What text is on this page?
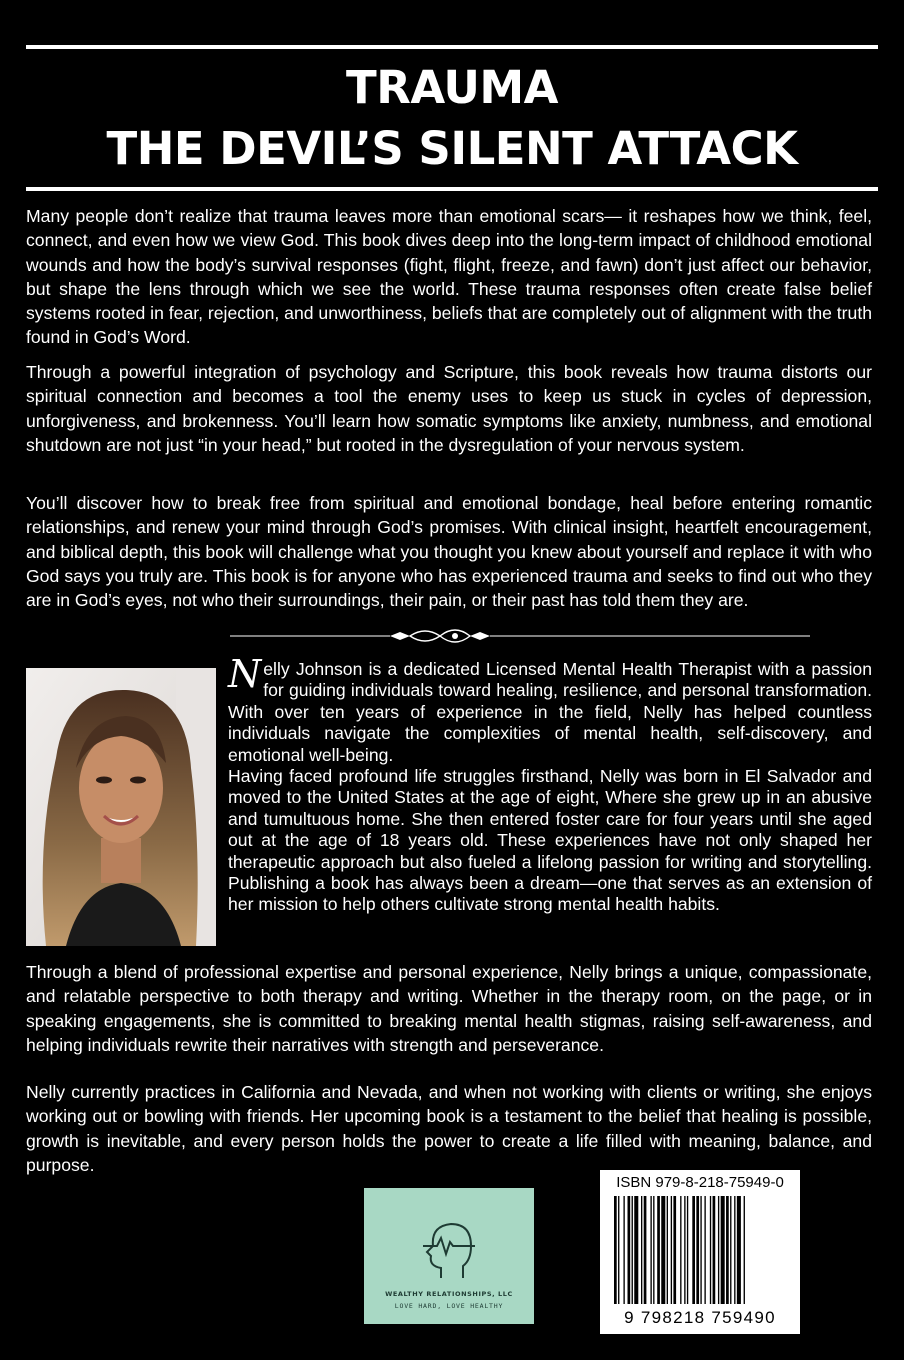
TRAUMA
THE DEVIL’S SILENT ATTACK

Many people don’t realize that trauma leaves more than emotional scars— it reshapes how we think, feel, connect, and even how we view God. This book dives deep into the long-term impact of childhood emotional wounds and how the body’s survival responses (fight, flight, freeze, and fawn) don’t just affect our behavior, but shape the lens through which we see the world. These trauma responses often create false belief systems rooted in fear, rejection, and unworthiness, beliefs that are completely out of alignment with the truth found in God’s Word.

Through a powerful integration of psychology and Scripture, this book reveals how trauma distorts our spiritual connection and becomes a tool the enemy uses to keep us stuck in cycles of depression, unforgiveness, and brokenness. You’ll learn how somatic symptoms like anxiety, numbness, and emotional shutdown are not just “in your head,” but rooted in the dysregulation of your nervous system.

You’ll discover how to break free from spiritual and emotional bondage, heal before entering romantic relationships, and renew your mind through God’s promises. With clinical insight, heartfelt encouragement, and biblical depth, this book will challenge what you thought you knew about yourself and replace it with who God says you truly are. This book is for anyone who has experienced trauma and seeks to find out who they are in God’s eyes, not who their surroundings, their pain, or their past has told them they are.

Nelly Johnson is a dedicated Licensed Mental Health Therapist with a passion for guiding individuals toward healing, resilience, and personal transformation. With over ten years of experience in the field, Nelly has helped countless individuals navigate the complexities of mental health, self-discovery, and emotional well-being.

Having faced profound life struggles firsthand, Nelly was born in El Salvador and moved to the United States at the age of eight, Where she grew up in an abusive and tumultuous home. She then entered foster care for four years until she aged out at the age of 18 years old. These experiences have not only shaped her therapeutic approach but also fueled a lifelong passion for writing and storytelling. Publishing a book has always been a dream—one that serves as an extension of her mission to help others cultivate strong mental health habits.

Through a blend of professional expertise and personal experience, Nelly brings a unique, compassionate, and relatable perspective to both therapy and writing. Whether in the therapy room, on the page, or in speaking engagements, she is committed to breaking mental health stigmas, raising self-awareness, and helping individuals rewrite their narratives with strength and perseverance.

Nelly currently practices in California and Nevada, and when not working with clients or writing, she enjoys working out or bowling with friends. Her upcoming book is a testament to the belief that healing is possible, growth is inevitable, and every person holds the power to create a life filled with meaning, balance, and purpose.

WEALTHY RELATIONSHIPS, LLC
LOVE HARD, LOVE HEALTHY
ISBN 979-8-218-75949-0
9 798218 759490
